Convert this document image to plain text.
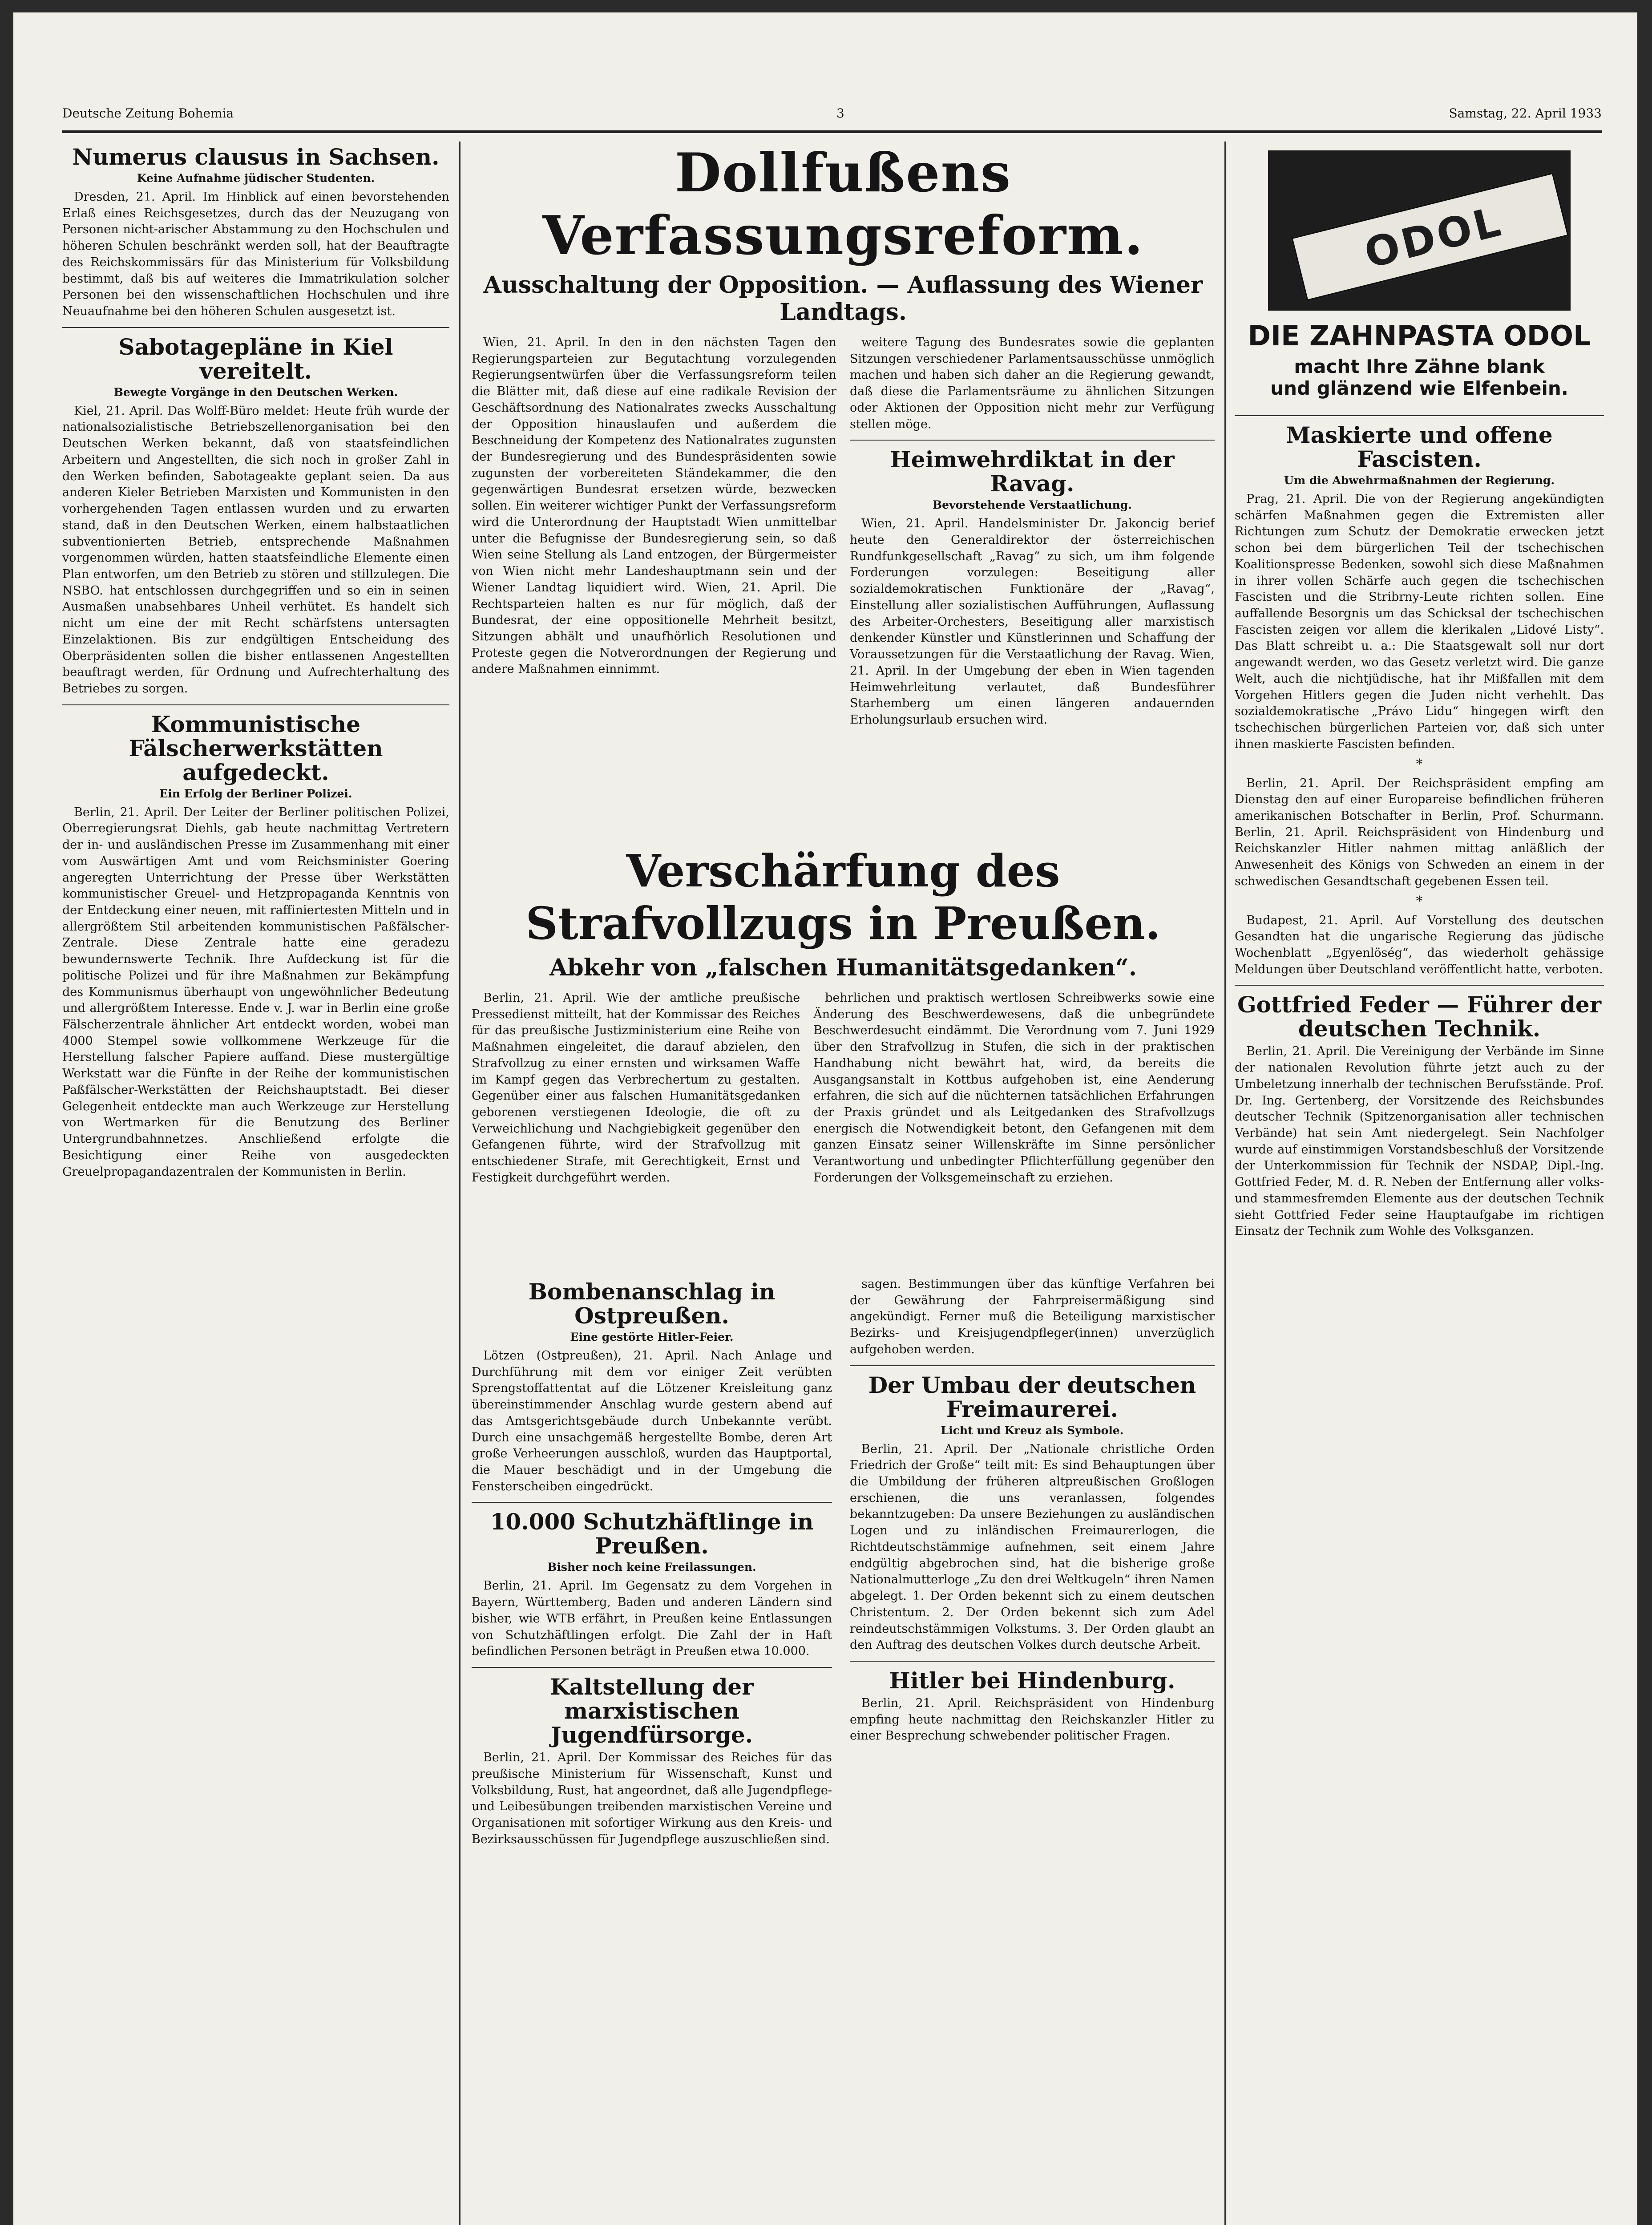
Deutsche Zeitung Bohemia	3	Samstag, 22. April 1933
Numerus clausus in Sachsen.
Keine Aufnahme jüdischer Studenten.

Dresden, 21. April. Im Hinblick auf einen bevorstehenden Erlaß eines Reichsgesetzes, durch das der Neuzugang von Personen nicht-arischer Abstammung zu den Hochschulen und höheren Schulen beschränkt werden soll, hat der Beauftragte des Reichskommissärs für das Ministerium für Volksbildung bestimmt, daß bis auf weiteres die Immatrikulation solcher Personen bei den wissenschaftlichen Hochschulen und ihre Neuaufnahme bei den höheren Schulen ausgesetzt ist.

Sabotagepläne in Kiel vereitelt.
Bewegte Vorgänge in den Deutschen Werken.

Kiel, 21. April. Das Wolff-Büro meldet: Heute früh wurde der nationalsozialistische Betriebszellenorganisation bei den Deutschen Werken bekannt, daß von staatsfeindlichen Arbeitern und Angestellten, die sich noch in großer Zahl in den Werken befinden, Sabotageakte geplant seien. Da aus anderen Kieler Betrieben Marxisten und Kommunisten in den vorhergehenden Tagen entlassen wurden und zu erwarten stand, daß in den Deutschen Werken, einem halbstaatlichen subventionierten Betrieb, entsprechende Maßnahmen vorgenommen würden, hatten staatsfeindliche Elemente einen Plan entworfen, um den Betrieb zu stören und stillzulegen. Die NSBO. hat entschlossen durchgegriffen und so ein in seinen Ausmaßen unabsehbares Unheil verhütet. Es handelt sich nicht um eine der mit Recht schärfstens untersagten Einzelaktionen. Bis zur endgültigen Entscheidung des Oberpräsidenten sollen die bisher entlassenen Angestellten beauftragt werden, für Ordnung und Aufrechterhaltung des Betriebes zu sorgen.

Kommunistische Fälscherwerkstätten aufgedeckt.
Ein Erfolg der Berliner Polizei.

Berlin, 21. April. Der Leiter der Berliner politischen Polizei, Oberregierungsrat Diehls, gab heute nachmittag Vertretern der in- und ausländischen Presse im Zusammenhang mit einer vom Auswärtigen Amt und vom Reichsminister Goering angeregten Unterrichtung der Presse über Werkstätten kommunistischer Greuel- und Hetzpropaganda Kenntnis von der Entdeckung einer neuen, mit raffiniertesten Mitteln und in allergrößtem Stil arbeitenden kommunistischen Paßfälscher-Zentrale. Diese Zentrale hatte eine geradezu bewundernswerte Technik. Ihre Aufdeckung ist für die politische Polizei und für ihre Maßnahmen zur Bekämpfung des Kommunismus überhaupt von ungewöhnlicher Bedeutung und allergrößtem Interesse. Ende v. J. war in Berlin eine große Fälscherzentrale ähnlicher Art entdeckt worden, wobei man 4000 Stempel sowie vollkommene Werkzeuge für die Herstellung falscher Papiere auffand. Diese mustergültige Werkstatt war die Fünfte in der Reihe der kommunistischen Paßfälscher-Werkstätten der Reichshauptstadt. Bei dieser Gelegenheit entdeckte man auch Werkzeuge zur Herstellung von Wertmarken für die Benutzung des Berliner Untergrundbahnnetzes. Anschließend erfolgte die Besichtigung einer Reihe von ausgedeckten Greuelpropagandazentralen der Kommunisten in Berlin.

Dollfußens Verfassungsreform.
Ausschaltung der Opposition. — Auflassung des Wiener Landtags.

Wien, 21. April. In den in den nächsten Tagen den Regierungsparteien zur Begutachtung vorzulegenden Regierungsentwürfen über die Verfassungsreform teilen die Blätter mit, daß diese auf eine radikale Revision der Geschäftsordnung des Nationalrates zwecks Ausschaltung der Opposition hinauslaufen und außerdem die Beschneidung der Kompetenz des Nationalrates zugunsten der Bundesregierung und des Bundespräsidenten sowie zugunsten der vorbereiteten Ständekammer, die den gegenwärtigen Bundesrat ersetzen würde, bezwecken sollen. Ein weiterer wichtiger Punkt der Verfassungsreform wird die Unterordnung der Hauptstadt Wien unmittelbar unter die Befugnisse der Bundesregierung sein, so daß Wien seine Stellung als Land entzogen, der Bürgermeister von Wien nicht mehr Landeshauptmann sein und der Wiener Landtag liquidiert wird. Wien, 21. April. Die Rechtsparteien halten es nur für möglich, daß der Bundesrat, der eine oppositionelle Mehrheit besitzt, Sitzungen abhält und unaufhörlich Resolutionen und Proteste gegen die Notverordnungen der Regierung und andere Maßnahmen einnimmt.

weitere Tagung des Bundesrates sowie die geplanten Sitzungen verschiedener Parlamentsausschüsse unmöglich machen und haben sich daher an die Regierung gewandt, daß diese die Parlamentsräume zu ähnlichen Sitzungen oder Aktionen der Opposition nicht mehr zur Verfügung stellen möge.

Heimwehrdiktat in der Ravag.
Bevorstehende Verstaatlichung.

Wien, 21. April. Handelsminister Dr. Jakoncig berief heute den Generaldirektor der österreichischen Rundfunkgesellschaft „Ravag“ zu sich, um ihm folgende Forderungen vorzulegen: Beseitigung aller sozialdemokratischen Funktionäre der „Ravag“, Einstellung aller sozialistischen Aufführungen, Auflassung des Arbeiter-Orchesters, Beseitigung aller marxistisch denkender Künstler und Künstlerinnen und Schaffung der Voraussetzungen für die Verstaatlichung der Ravag. Wien, 21. April. In der Umgebung der eben in Wien tagenden Heimwehrleitung verlautet, daß Bundesführer Starhemberg um einen längeren andauernden Erholungsurlaub ersuchen wird.

Verschärfung des Strafvollzugs in Preußen.
Abkehr von „falschen Humanitätsgedanken“.

Berlin, 21. April. Wie der amtliche preußische Pressedienst mitteilt, hat der Kommissar des Reiches für das preußische Justizministerium eine Reihe von Maßnahmen eingeleitet, die darauf abzielen, den Strafvollzug zu einer ernsten und wirksamen Waffe im Kampf gegen das Verbrechertum zu gestalten. Gegenüber einer aus falschen Humanitätsgedanken geborenen verstiegenen Ideologie, die oft zu Verweichlichung und Nachgiebigkeit gegenüber den Gefangenen führte, wird der Strafvollzug mit entschiedener Strafe, mit Gerechtigkeit, Ernst und Festigkeit durchgeführt werden.

behrlichen und praktisch wertlosen Schreibwerks sowie eine Änderung des Beschwerdewesens, daß die unbegründete Beschwerdesucht eindämmt. Die Verordnung vom 7. Juni 1929 über den Strafvollzug in Stufen, die sich in der praktischen Handhabung nicht bewährt hat, wird, da bereits die Ausgangsanstalt in Kottbus aufgehoben ist, eine Aenderung erfahren, die sich auf die nüchternen tatsächlichen Erfahrungen der Praxis gründet und als Leitgedanken des Strafvollzugs energisch die Notwendigkeit betont, den Gefangenen mit dem ganzen Einsatz seiner Willenskräfte im Sinne persönlicher Verantwortung und unbedingter Pflichterfüllung gegenüber den Forderungen der Volksgemeinschaft zu erziehen.

Bombenanschlag in Ostpreußen.
Eine gestörte Hitler-Feier.

Lötzen (Ostpreußen), 21. April. Nach Anlage und Durchführung mit dem vor einiger Zeit verübten Sprengstoffattentat auf die Lötzener Kreisleitung ganz übereinstimmender Anschlag wurde gestern abend auf das Amtsgerichtsgebäude durch Unbekannte verübt. Durch eine unsachgemäß hergestellte Bombe, deren Art große Verheerungen ausschloß, wurden das Hauptportal, die Mauer beschädigt und in der Umgebung die Fensterscheiben eingedrückt.

10.000 Schutzhäftlinge in Preußen.
Bisher noch keine Freilassungen.

Berlin, 21. April. Im Gegensatz zu dem Vorgehen in Bayern, Württemberg, Baden und anderen Ländern sind bisher, wie WTB erfährt, in Preußen keine Entlassungen von Schutzhäftlingen erfolgt. Die Zahl der in Haft befindlichen Personen beträgt in Preußen etwa 10.000.

Kaltstellung der marxistischen Jugendfürsorge.

Berlin, 21. April. Der Kommissar des Reiches für das preußische Ministerium für Wissenschaft, Kunst und Volksbildung, Rust, hat angeordnet, daß alle Jugendpflege- und Leibesübungen treibenden marxistischen Vereine und Organisationen mit sofortiger Wirkung aus den Kreis- und Bezirksausschüssen für Jugendpflege auszuschließen sind.

sagen. Bestimmungen über das künftige Verfahren bei der Gewährung der Fahrpreisermäßigung sind angekündigt. Ferner muß die Beteiligung marxistischer Bezirks- und Kreisjugendpfleger(innen) unverzüglich aufgehoben werden.

Der Umbau der deutschen Freimaurerei.
Licht und Kreuz als Symbole.

Berlin, 21. April. Der „Nationale christliche Orden Friedrich der Große“ teilt mit: Es sind Behauptungen über die Umbildung der früheren altpreußischen Großlogen erschienen, die uns veranlassen, folgendes bekanntzugeben: Da unsere Beziehungen zu ausländischen Logen und zu inländischen Freimaurerlogen, die Richtdeutschstämmige aufnehmen, seit einem Jahre endgültig abgebrochen sind, hat die bisherige große Nationalmutterloge „Zu den drei Weltkugeln“ ihren Namen abgelegt. 1. Der Orden bekennt sich zu einem deutschen Christentum. 2. Der Orden bekennt sich zum Adel reindeutschstämmigen Volkstums. 3. Der Orden glaubt an den Auftrag des deutschen Volkes durch deutsche Arbeit.

Hitler bei Hindenburg.

Berlin, 21. April. Reichspräsident von Hindenburg empfing heute nachmittag den Reichskanzler Hitler zu einer Besprechung schwebender politischer Fragen.

ODOL
DIE ZAHNPASTA ODOL
macht Ihre Zähne blank
und glänzend wie Elfenbein.
Maskierte und offene Fascisten.
Um die Abwehrmaßnahmen der Regierung.

Prag, 21. April. Die von der Regierung angekündigten schärfen Maßnahmen gegen die Extremisten aller Richtungen zum Schutz der Demokratie erwecken jetzt schon bei dem bürgerlichen Teil der tschechischen Koalitionspresse Bedenken, sowohl sich diese Maßnahmen in ihrer vollen Schärfe auch gegen die tschechischen Fascisten und die Stribrny-Leute richten sollen. Eine auffallende Besorgnis um das Schicksal der tschechischen Fascisten zeigen vor allem die klerikalen „Lidové Listy“. Das Blatt schreibt u. a.: Die Staatsgewalt soll nur dort angewandt werden, wo das Gesetz verletzt wird. Die ganze Welt, auch die nichtjüdische, hat ihr Mißfallen mit dem Vorgehen Hitlers gegen die Juden nicht verhehlt. Das sozialdemokratische „Právo Lidu“ hingegen wirft den tschechischen bürgerlichen Parteien vor, daß sich unter ihnen maskierte Fascisten befinden.

*

Berlin, 21. April. Der Reichspräsident empfing am Dienstag den auf einer Europareise befindlichen früheren amerikanischen Botschafter in Berlin, Prof. Schurmann. Berlin, 21. April. Reichspräsident von Hindenburg und Reichskanzler Hitler nahmen mittag anläßlich der Anwesenheit des Königs von Schweden an einem in der schwedischen Gesandtschaft gegebenen Essen teil.

*

Budapest, 21. April. Auf Vorstellung des deutschen Gesandten hat die ungarische Regierung das jüdische Wochenblatt „Egyenlöség“, das wiederholt gehässige Meldungen über Deutschland veröffentlicht hatte, verboten.

Gottfried Feder — Führer der deutschen Technik.

Berlin, 21. April. Die Vereinigung der Verbände im Sinne der nationalen Revolution führte jetzt auch zu der Umbeletzung innerhalb der technischen Berufsstände. Prof. Dr. Ing. Gertenberg, der Vorsitzende des Reichsbundes deutscher Technik (Spitzenorganisation aller technischen Verbände) hat sein Amt niedergelegt. Sein Nachfolger wurde auf einstimmigen Vorstandsbeschluß der Vorsitzende der Unterkommission für Technik der NSDAP, Dipl.-Ing. Gottfried Feder, M. d. R. Neben der Entfernung aller volks- und stammesfremden Elemente aus der deutschen Technik sieht Gottfried Feder seine Hauptaufgabe im richtigen Einsatz der Technik zum Wohle des Volksganzen.
